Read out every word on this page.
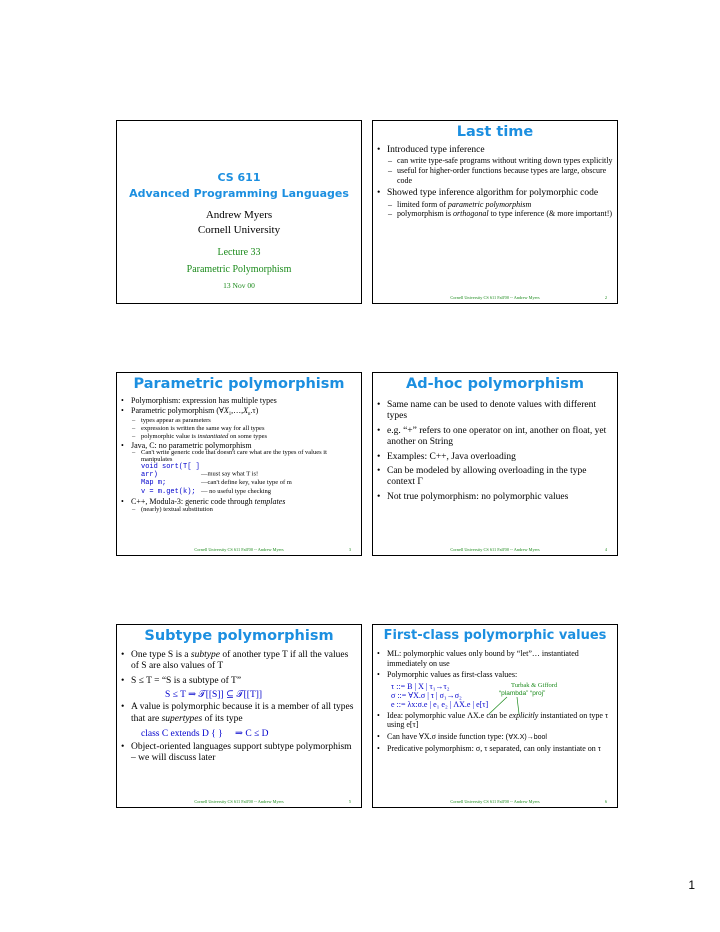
CS 611
Advanced Programming Languages
Andrew Myers
Cornell University
Lecture 33
Parametric Polymorphism
13 Nov 00
Last time

• Introduced type inference

– can write type-safe programs without writing down types explicitly

– useful for higher-order functions because types are large, obscure code

• Showed type inference algorithm for polymorphic code

– limited form of parametric polymorphism

– polymorphism is orthogonal to type inference (& more important!)

Cornell University CS 611 Fall'00 -- Andrew Myers	2
Parametric polymorphism

• Polymorphism: expression has multiple types

• Parametric polymorphism $(\forall X_1,\dots,X_n.\tau)$

– types appear as parameters

– expression is written the same way for all types

– polymorphic value is instantiated on some types

• Java, C: no parametric polymorphism

– Can't write generic code that doesn't care what are the types of values it manipulates

void sort(T[ ] arr)	—must say what T is!
Map m;	—can't define key, value type of m
v = m.get(k); — no useful type checking

• C++, Modula-3: generic code through templates

– (nearly) textual substitution

Cornell University CS 611 Fall'00 -- Andrew Myers	3
Ad-hoc polymorphism

• Same name can be used to denote values with different types

• e.g. “+” refers to one operator on int, another on float, yet another on String

• Examples: C++, Java overloading

• Can be modeled by allowing overloading in the type context Γ

• Not true polymorphism: no polymorphic values

Cornell University CS 611 Fall'00 -- Andrew Myers	4
Subtype polymorphism

• One type S is a subtype of another type T if all the values of S are also values of T

• S ≤ T = “S is a subtype of T”

S ≤ T ⇒ 𝒯[[S]] ⊆ 𝒯[[T]]

• A value is polymorphic because it is a member of all types that are supertypes of its type

class C extends D { } ⇒ C ≤ D

• Object-oriented languages support subtype polymorphism – we will discuss later

Cornell University CS 611 Fall'00 -- Andrew Myers	5
First-class polymorphic values

• ML: polymorphic values only bound by “let”… instantiated immediately on use

• Polymorphic values as first-class values:

τ ::= B | X | τ₁→τ₂
σ ::= ∀X.σ | τ | σ₁→σ₂
e ::= λx:σ.e | e₁ e₂ | ΛX.e | e[τ]
Turbak & Gifford
“plambda” “proj”

• Idea: polymorphic value ΛX.e can be explicitly instantiated on type τ using e[τ]

• Can have ∀X.σ inside function type: (∀X.X)→bool

• Predicative polymorphism: σ, τ separated, can only instantiate on τ

Cornell University CS 611 Fall'00 -- Andrew Myers	6
1
